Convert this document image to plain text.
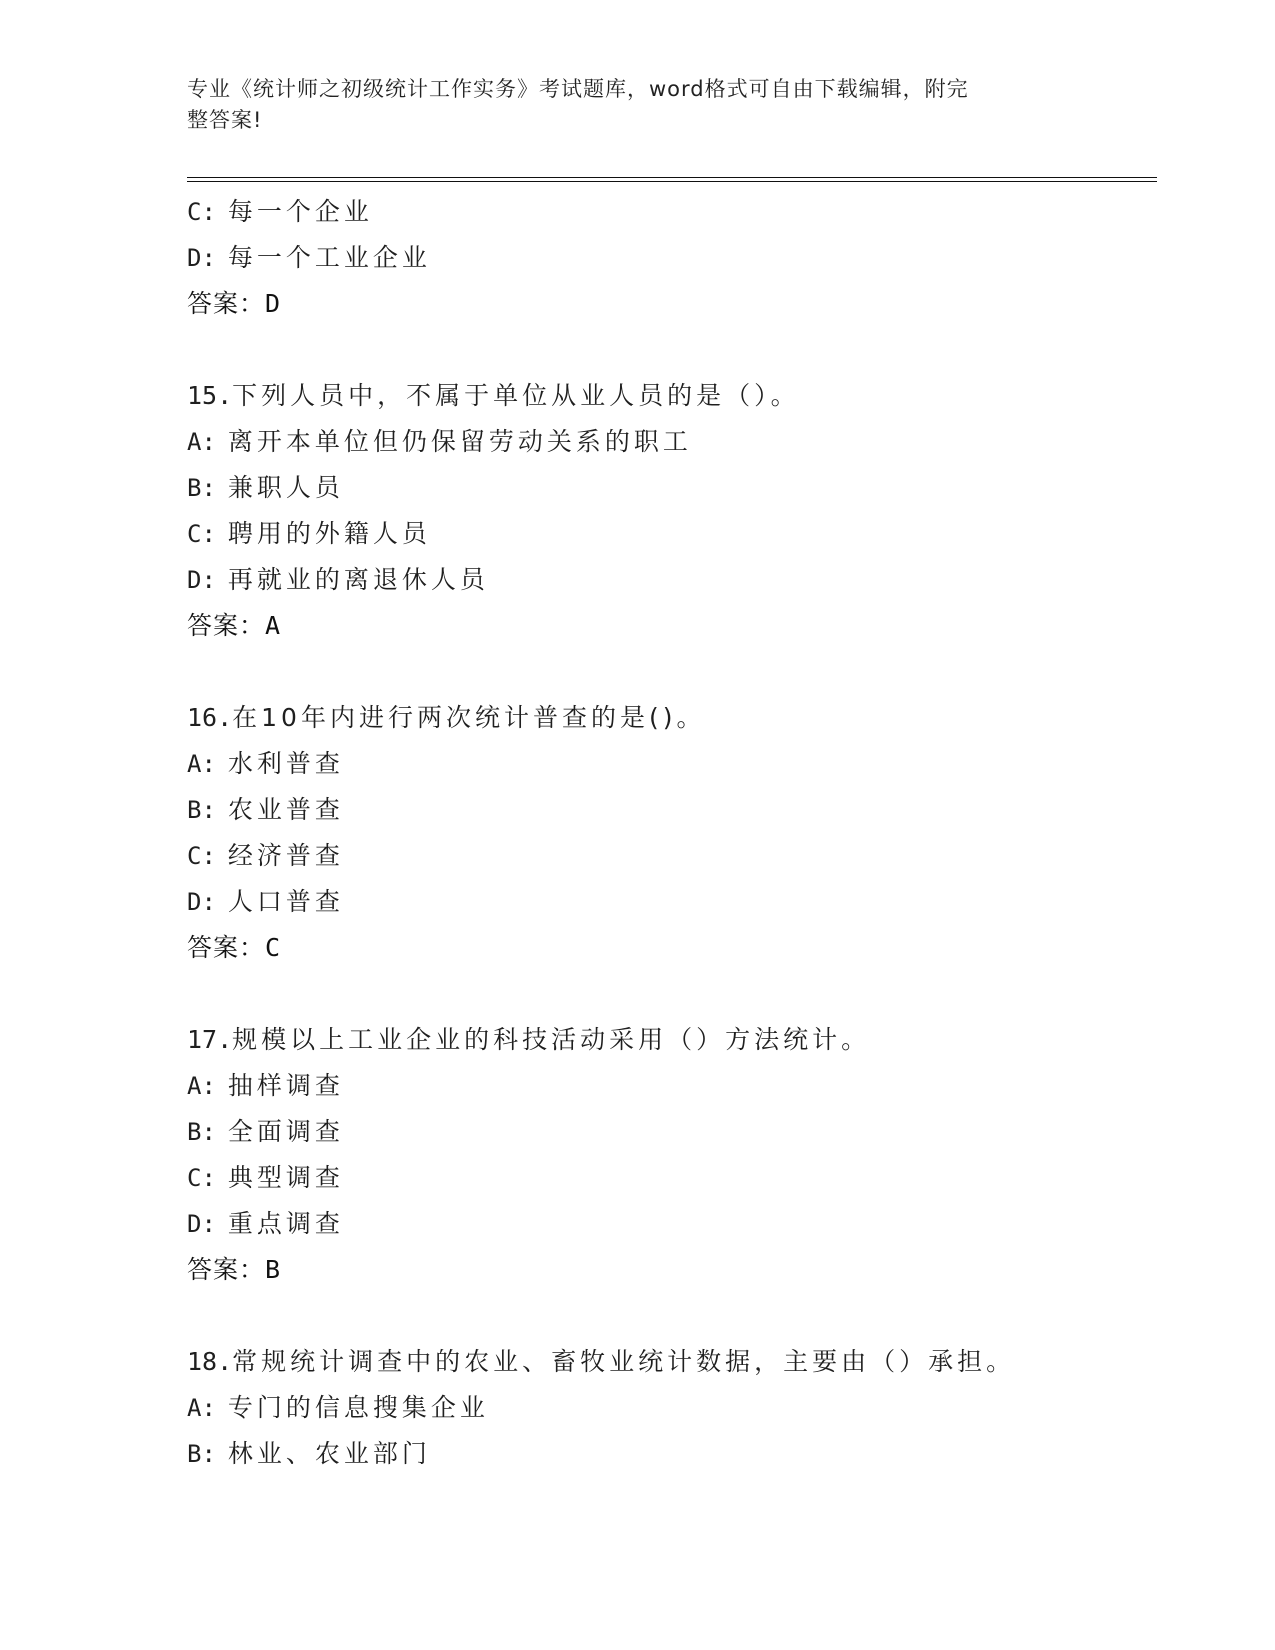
专业《统计师之初级统计工作实务》考试题库，word格式可自由下载编辑，附完
整答案!
C: 每一个企业
D: 每一个工业企业
答案：D
15.下列人员中，不属于单位从业人员的是（）。
A: 离开本单位但仍保留劳动关系的职工
B: 兼职人员
C: 聘用的外籍人员
D: 再就业的离退休人员
答案：A
16.在10年内进行两次统计普查的是()。
A: 水利普查
B: 农业普查
C: 经济普查
D: 人口普查
答案：C
17.规模以上工业企业的科技活动采用（）方法统计。
A: 抽样调查
B: 全面调查
C: 典型调查
D: 重点调查
答案：B
18.常规统计调查中的农业、畜牧业统计数据，主要由（）承担。
A: 专门的信息搜集企业
B: 林业、农业部门
